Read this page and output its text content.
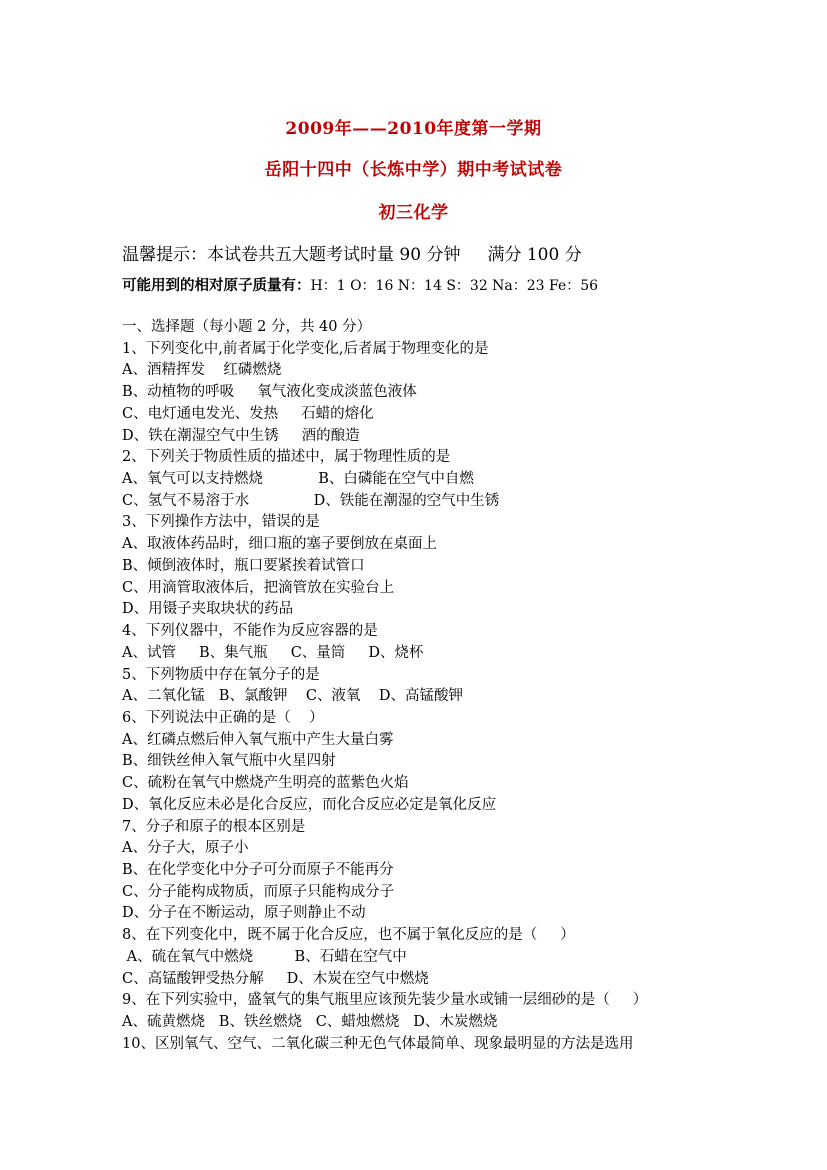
2009年——2010年度第一学期
岳阳十四中（长炼中学）期中考试试卷
初三化学
温馨提示：本试卷共五大题考试时量 90 分钟     满分 100 分
可能用到的相对原子质量有：H：1 O：16 N：14 S：32 Na：23 Fe：56
一、选择题（每小题 2 分，共 40 分）
1、下列变化中,前者属于化学变化,后者属于物理变化的是
A、酒精挥发    红磷燃烧
B、动植物的呼吸     氧气液化变成淡蓝色液体
C、电灯通电发光、发热     石蜡的熔化
D、铁在潮湿空气中生锈     酒的酿造
2、下列关于物质性质的描述中，属于物理性质的是
A、氧气可以支持燃烧            B、白磷能在空气中自燃
C、氢气不易溶于水              D、铁能在潮湿的空气中生锈
3、下列操作方法中，错误的是
A、取液体药品时，细口瓶的塞子要倒放在桌面上
B、倾倒液体时，瓶口要紧挨着试管口
C、用滴管取液体后，把滴管放在实验台上
D、用镊子夹取块状的药品
4、下列仪器中，不能作为反应容器的是
A、试管     B、集气瓶     C、量筒     D、烧杯
5、下列物质中存在氧分子的是
A、二氧化锰   B、氯酸钾    C、液氧    D、高锰酸钾
6、下列说法中正确的是（    ）
A、红磷点燃后伸入氧气瓶中产生大量白雾
B、细铁丝伸入氧气瓶中火星四射
C、硫粉在氧气中燃烧产生明亮的蓝紫色火焰
D、氧化反应未必是化合反应，而化合反应必定是氧化反应
7、分子和原子的根本区别是
A、分子大，原子小
B、在化学变化中分子可分而原子不能再分
C、分子能构成物质，而原子只能构成分子
D、分子在不断运动，原子则静止不动
8、在下列变化中，既不属于化合反应，也不属于氧化反应的是（     ）
A、硫在氧气中燃烧         B、石蜡在空气中
C、高锰酸钾受热分解     D、木炭在空气中燃烧
9、在下列实验中，盛氧气的集气瓶里应该预先装少量水或铺一层细砂的是（     ）
A、硫黄燃烧   B、铁丝燃烧   C、蜡烛燃烧   D、木炭燃烧
10、区别氧气、空气、二氧化碳三种无色气体最简单、现象最明显的方法是选用
